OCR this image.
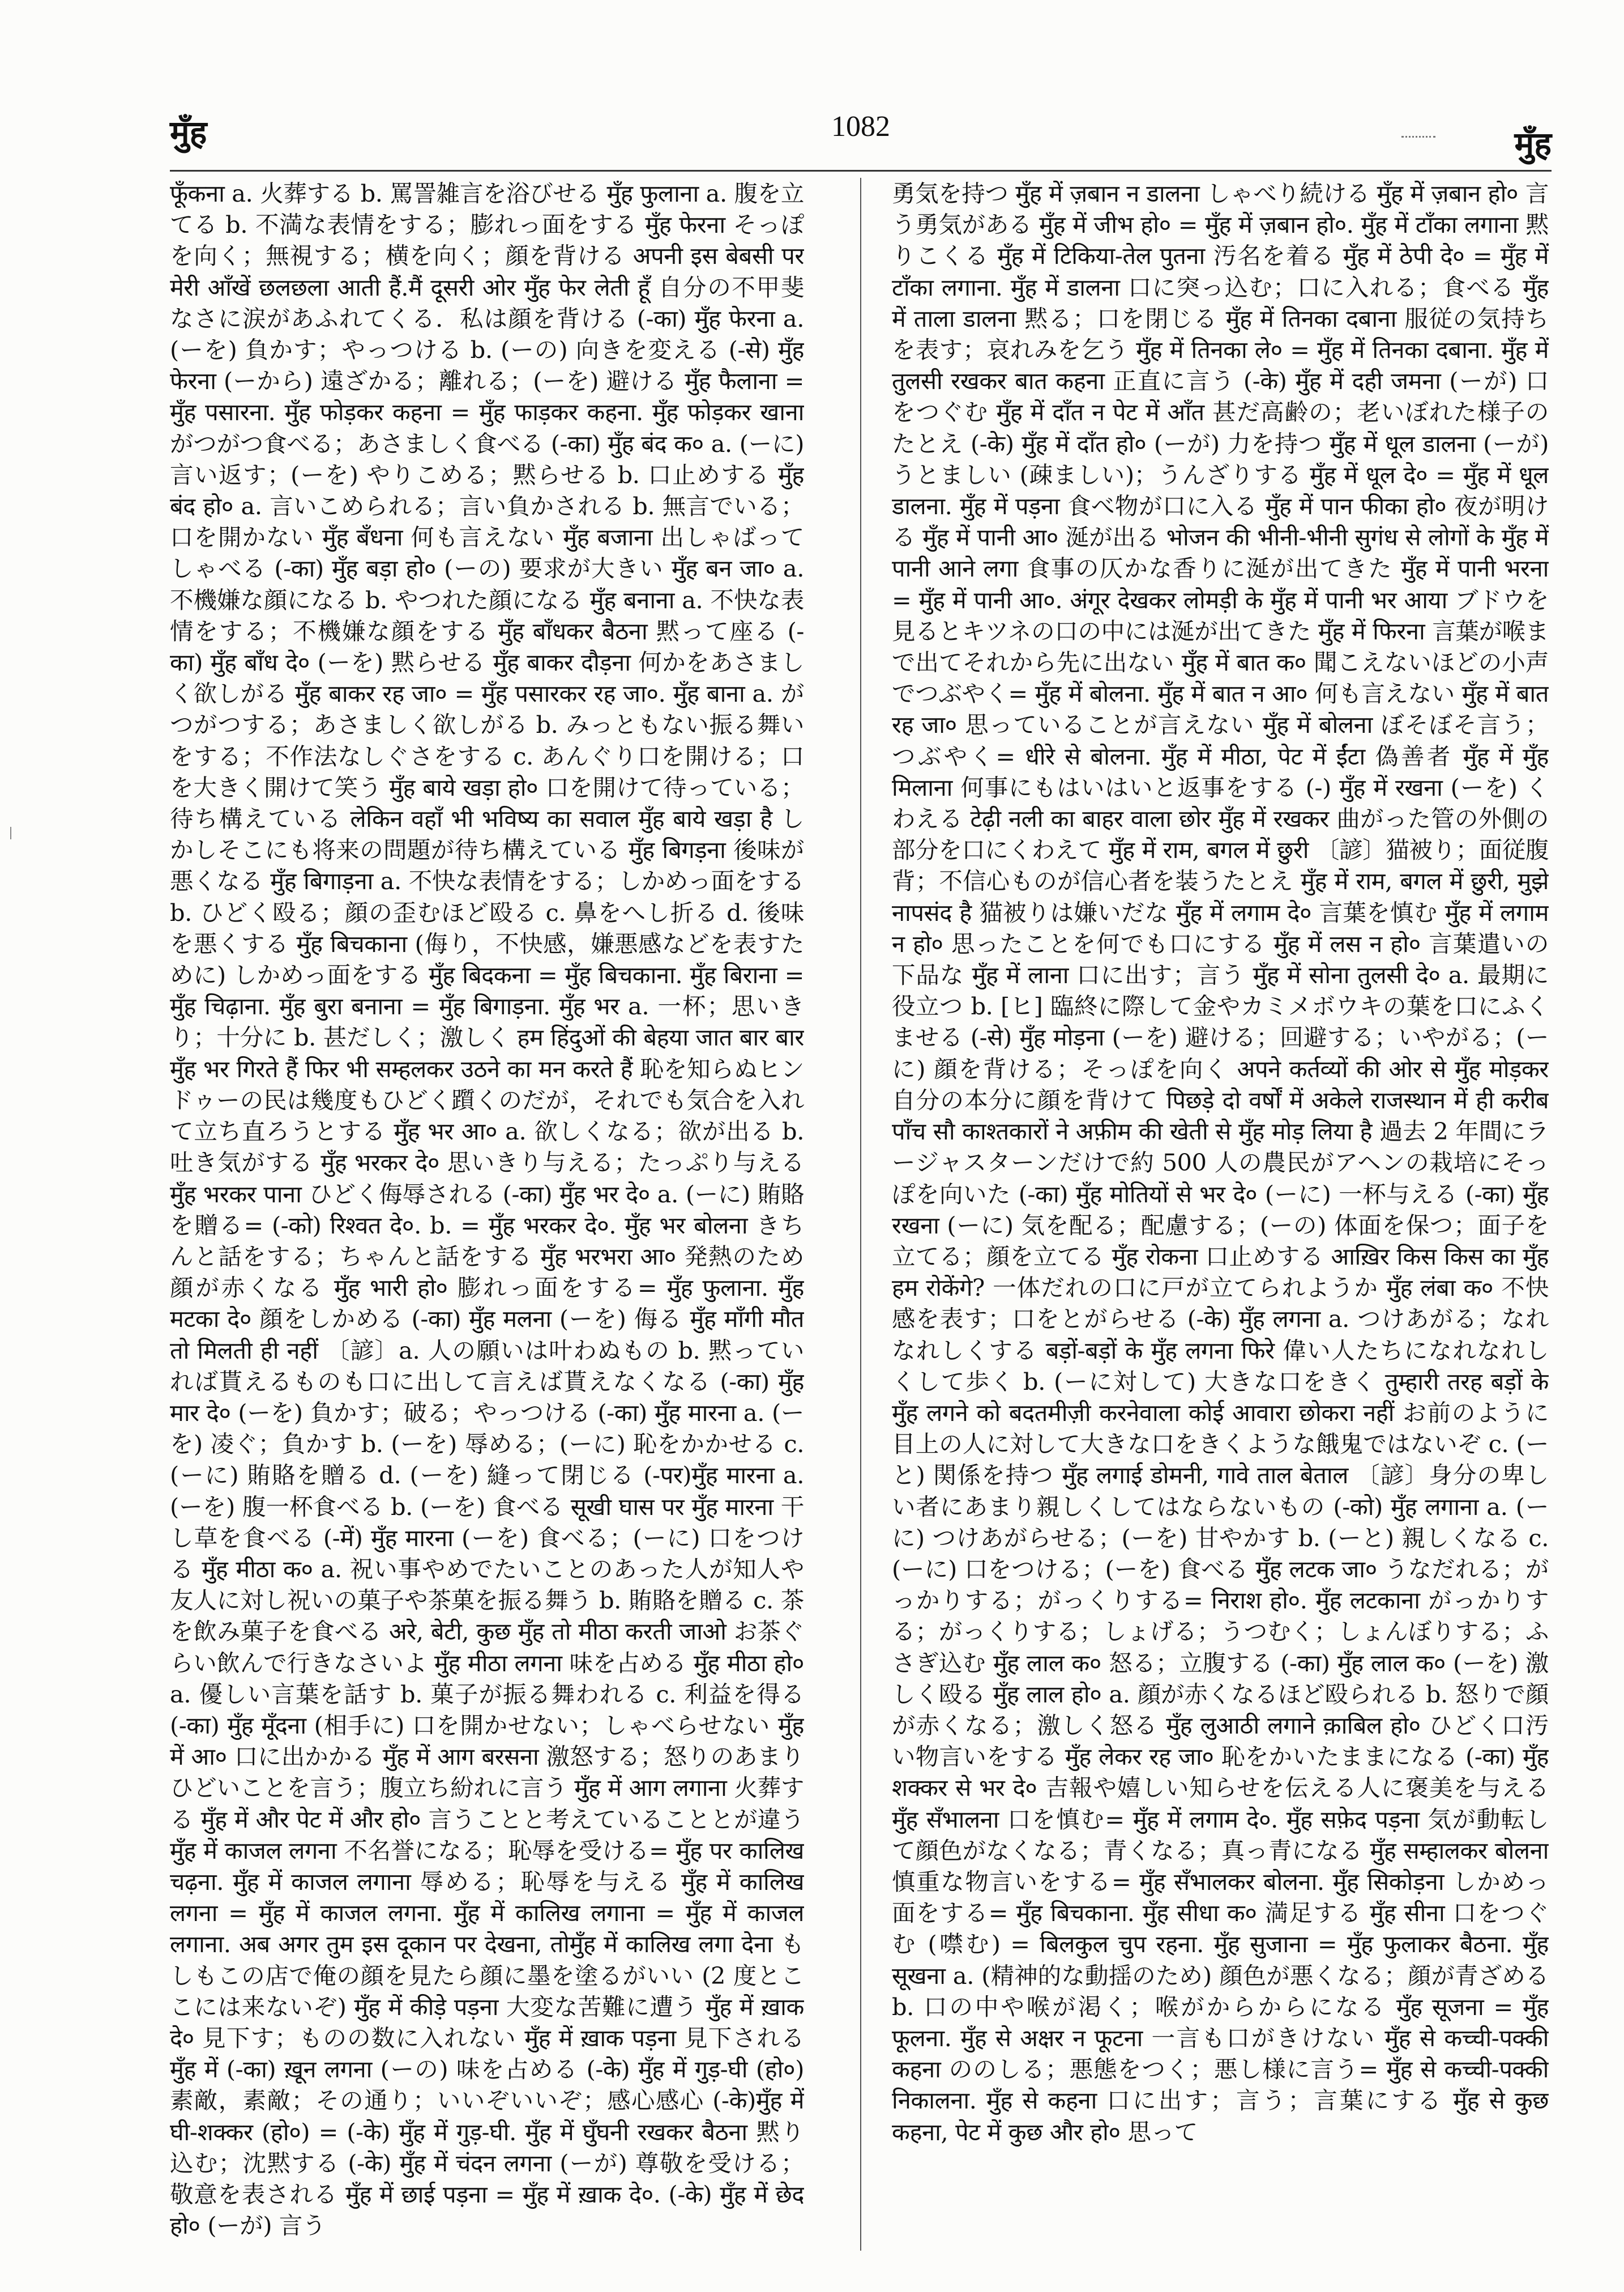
मुँह	1082	मुँह

फूँकना a. 火葬する b. 罵詈雑言を浴びせる मुँह फुलाना a. 腹を立てる b. 不満な表情をする；膨れっ面をする मुँह फेरना そっぽを向く；無視する；横を向く；顔を背ける अपनी इस बेबसी पर मेरी आँखें छलछला आती हैं.मैं दूसरी ओर मुँह फेर लेती हूँ 自分の不甲斐なさに涙があふれてくる．私は顔を背ける (-का) मुँह फेरना a. (ーを) 負かす；やっつける b. (ーの) 向きを変える (-से) मुँह फेरना (ーから) 遠ざかる；離れる；(ーを) 避ける मुँह फैलाना = मुँह पसारना. मुँह फोड़कर कहना = मुँह फाड़कर कहना. मुँह फोड़कर खाना がつがつ食べる；あさましく食べる (-का) मुँह बंद क० a. (ーに) 言い返す；(ーを) やりこめる；黙らせる b. 口止めする मुँह बंद हो० a. 言いこめられる；言い負かされる b. 無言でいる；口を開かない मुँह बँधना 何も言えない मुँह बजाना 出しゃばってしゃべる (-का) मुँह बड़ा हो० (ーの) 要求が大きい मुँह बन जा० a. 不機嫌な顔になる b. やつれた顔になる मुँह बनाना a. 不快な表情をする；不機嫌な顔をする मुँह बाँधकर बैठना 黙って座る (-का) मुँह बाँध दे० (ーを) 黙らせる मुँह बाकर दौड़ना 何かをあさましく欲しがる मुँह बाकर रह जा० = मुँह पसारकर रह जा०. मुँह बाना a. がつがつする；あさましく欲しがる b. みっともない振る舞いをする；不作法なしぐさをする c. あんぐり口を開ける；口を大きく開けて笑う मुँह बाये खड़ा हो० 口を開けて待っている；待ち構えている लेकिन वहाँ भी भविष्य का सवाल मुँह बाये खड़ा है しかしそこにも将来の問題が待ち構えている मुँह बिगड़ना 後味が悪くなる मुँह बिगाड़ना a. 不快な表情をする；しかめっ面をする b. ひどく殴る；顔の歪むほど殴る c. 鼻をへし折る d. 後味を悪くする मुँह बिचकाना (侮り，不快感，嫌悪感などを表すために) しかめっ面をする मुँह बिदकना = मुँह बिचकाना. मुँह बिराना = मुँह चिढ़ाना. मुँह बुरा बनाना = मुँह बिगाड़ना. मुँह भर a. 一杯；思いきり；十分に b. 甚だしく；激しく हम हिंदुओं की बेहया जात बार बार मुँह भर गिरते हैं फिर भी सम्हलकर उठने का मन करते हैं 恥を知らぬヒンドゥーの民は幾度もひどく躓くのだが，それでも気合を入れて立ち直ろうとする मुँह भर आ० a. 欲しくなる；欲が出る b. 吐き気がする मुँह भरकर दे० 思いきり与える；たっぷり与える मुँह भरकर पाना ひどく侮辱される (-का) मुँह भर दे० a. (ーに) 賄賂を贈る= (-को) रिश्वत दे०. b. = मुँह भरकर दे०. मुँह भर बोलना きちんと話をする；ちゃんと話をする मुँह भरभरा आ० 発熱のため顔が赤くなる मुँह भारी हो० 膨れっ面をする= मुँह फुलाना. मुँह मटका दे० 顔をしかめる (-का) मुँह मलना (ーを) 侮る मुँह माँगी मौत तो मिलती ही नहीं 〔諺〕a. 人の願いは叶わぬもの b. 黙っていれば貰えるものも口に出して言えば貰えなくなる (-का) मुँह मार दे० (ーを) 負かす；破る；やっつける (-का) मुँह मारना a. (ーを) 凌ぐ；負かす b. (ーを) 辱める；(ーに) 恥をかかせる c. (ーに) 賄賂を贈る d. (ーを) 縫って閉じる (-पर)मुँह मारना a. (ーを) 腹一杯食べる b. (ーを) 食べる सूखी घास पर मुँह मारना 干し草を食べる (-में) मुँह मारना (ーを) 食べる；(ーに) 口をつける मुँह मीठा क० a. 祝い事やめでたいことのあった人が知人や友人に対し祝いの菓子や茶菓を振る舞う b. 賄賂を贈る c. 茶を飲み菓子を食べる अरे, बेटी, कुछ मुँह तो मीठा करती जाओ お茶ぐらい飲んで行きなさいよ मुँह मीठा लगना 味を占める मुँह मीठा हो० a. 優しい言葉を話す b. 菓子が振る舞われる c. 利益を得る (-का) मुँह मूँदना (相手に) 口を開かせない；しゃべらせない मुँह में आ० 口に出かかる मुँह में आग बरसना 激怒する；怒りのあまりひどいことを言う；腹立ち紛れに言う मुँह में आग लगाना 火葬する मुँह में और पेट में और हो० 言うことと考えていることとが違う मुँह में काजल लगना 不名誉になる；恥辱を受ける= मुँह पर कालिख चढ़ना. मुँह में काजल लगाना 辱める；恥辱を与える मुँह में कालिख लगना = मुँह में काजल लगना. मुँह में कालिख लगाना = मुँह में काजल लगाना. अब अगर तुम इस दूकान पर देखना, तोमुँह में कालिख लगा देना もしもこの店で俺の顔を見たら顔に墨を塗るがいい (2 度とここには来ないぞ) मुँह में कीड़े पड़ना 大変な苦難に遭う मुँह में ख़ाक दे० 見下す；ものの数に入れない मुँह में ख़ाक पड़ना 見下される मुँह में (-का) ख़ून लगना (ーの) 味を占める (-के) मुँह में गुड़-घी (हो०) 素敵，素敵；その通り；いいぞいいぞ；感心感心 (-के)मुँह में घी-शक्कर (हो०) = (-के) मुँह में गुड़-घी. मुँह में घुँघनी रखकर बैठना 黙り込む；沈黙する (-के) मुँह में चंदन लगना (ーが) 尊敬を受ける；敬意を表される मुँह में छाई पड़ना = मुँह में ख़ाक दे०. (-के) मुँह में छेद हो० (ーが) 言う

勇気を持つ मुँह में ज़बान न डालना しゃべり続ける मुँह में ज़बान हो० 言う勇気がある मुँह में जीभ हो० = मुँह में ज़बान हो०. मुँह में टाँका लगाना 黙りこくる मुँह में टिकिया-तेल पुतना 汚名を着る मुँह में ठेपी दे० = मुँह में टाँका लगाना. मुँह में डालना 口に突っ込む；口に入れる；食べる मुँह में ताला डालना 黙る；口を閉じる मुँह में तिनका दबाना 服従の気持ちを表す；哀れみを乞う मुँह में तिनका ले० = मुँह में तिनका दबाना. मुँह में तुलसी रखकर बात कहना 正直に言う (-के) मुँह में दही जमना (ーが) 口をつぐむ मुँह में दाँत न पेट में आँत 甚だ高齢の；老いぼれた様子のたとえ (-के) मुँह में दाँत हो० (ーが) 力を持つ मुँह में धूल डालना (ーが) うとましい (疎ましい)；うんざりする मुँह में धूल दे० = मुँह में धूल डालना. मुँह में पड़ना 食べ物が口に入る मुँह में पान फीका हो० 夜が明ける मुँह में पानी आ० 涎が出る भोजन की भीनी-भीनी सुगंध से लोगों के मुँह में पानी आने लगा 食事の仄かな香りに涎が出てきた मुँह में पानी भरना = मुँह में पानी आ०. अंगूर देखकर लोमड़ी के मुँह में पानी भर आया ブドウを見るとキツネの口の中には涎が出てきた मुँह में फिरना 言葉が喉まで出てそれから先に出ない मुँह में बात क० 聞こえないほどの小声でつぶやく= मुँह में बोलना. मुँह में बात न आ० 何も言えない मुँह में बात रह जा० 思っていることが言えない मुँह में बोलना ぼそぼそ言う；つぶやく= धीरे से बोलना. मुँह में मीठा, पेट में ईंटा 偽善者 मुँह में मुँह मिलाना 何事にもはいはいと返事をする (-) मुँह में रखना (ーを) くわえる टेढ़ी नली का बाहर वाला छोर मुँह में रखकर 曲がった管の外側の部分を口にくわえて मुँह में राम, बगल में छुरी 〔諺〕猫被り；面従腹背；不信心ものが信心者を装うたとえ मुँह में राम, बगल में छुरी, मुझे नापसंद है 猫被りは嫌いだな मुँह में लगाम दे० 言葉を慎む मुँह में लगाम न हो० 思ったことを何でも口にする मुँह में लस न हो० 言葉遣いの下品な मुँह में लाना 口に出す；言う मुँह में सोना तुलसी दे० a. 最期に役立つ b. [ヒ] 臨終に際して金やカミメボウキの葉を口にふくませる (-से) मुँह मोड़ना (ーを) 避ける；回避する；いやがる；(ーに) 顔を背ける；そっぽを向く अपने कर्तव्यों की ओर से मुँह मोड़कर 自分の本分に顔を背けて पिछड़े दो वर्षों में अकेले राजस्थान में ही करीब पाँच सौ काश्तकारों ने अफ़ीम की खेती से मुँह मोड़ लिया है 過去 2 年間にラージャスターンだけで約 500 人の農民がアヘンの栽培にそっぽを向いた (-का) मुँह मोतियों से भर दे० (ーに) 一杯与える (-का) मुँह रखना (ーに) 気を配る；配慮する；(ーの) 体面を保つ；面子を立てる；顔を立てる मुँह रोकना 口止めする आख़िर किस किस का मुँह हम रोकेंगे? 一体だれの口に戸が立てられようか मुँह लंबा क० 不快感を表す；口をとがらせる (-के) मुँह लगना a. つけあがる；なれなれしくする बड़ों-बड़ों के मुँह लगना फिरे 偉い人たちになれなれしくして歩く b. (ーに対して) 大きな口をきく तुम्हारी तरह बड़ों के मुँह लगने को बदतमीज़ी करनेवाला कोई आवारा छोकरा नहीं お前のように目上の人に対して大きな口をきくような餓鬼ではないぞ c. (ーと) 関係を持つ मुँह लगाई डोमनी, गावे ताल बेताल 〔諺〕身分の卑しい者にあまり親しくしてはならないもの (-को) मुँह लगाना a. (ーに) つけあがらせる；(ーを) 甘やかす b. (ーと) 親しくなる c. (ーに) 口をつける；(ーを) 食べる मुँह लटक जा० うなだれる；がっかりする；がっくりする= निराश हो०. मुँह लटकाना がっかりする；がっくりする；しょげる；うつむく；しょんぼりする；ふさぎ込む मुँह लाल क० 怒る；立腹する (-का) मुँह लाल क० (ーを) 激しく殴る मुँह लाल हो० a. 顔が赤くなるほど殴られる b. 怒りで顔が赤くなる；激しく怒る मुँह लुआठी लगाने क़ाबिल हो० ひどく口汚い物言いをする मुँह लेकर रह जा० 恥をかいたままになる (-का) मुँह शक्कर से भर दे० 吉報や嬉しい知らせを伝える人に褒美を与える मुँह सँभालना 口を慎む= मुँह में लगाम दे०. मुँह सफ़ेद पड़ना 気が動転して顔色がなくなる；青くなる；真っ青になる मुँह सम्हालकर बोलना 慎重な物言いをする= मुँह सँभालकर बोलना. मुँह सिकोड़ना しかめっ面をする= मुँह बिचकाना. मुँह सीधा क० 満足する मुँह सीना 口をつぐむ (噤む) = बिलकुल चुप रहना. मुँह सुजाना = मुँह फुलाकर बैठना. मुँह सूखना a. (精神的な動揺のため) 顔色が悪くなる；顔が青ざめる b. 口の中や喉が渇く；喉がからからになる मुँह सूजना = मुँह फूलना. मुँह से अक्षर न फूटना 一言も口がきけない मुँह से कच्ची-पक्की कहना ののしる；悪態をつく；悪し様に言う= मुँह से कच्ची-पक्की निकालना. मुँह से कहना 口に出す；言う；言葉にする मुँह से कुछ कहना, पेट में कुछ और हो० 思って
